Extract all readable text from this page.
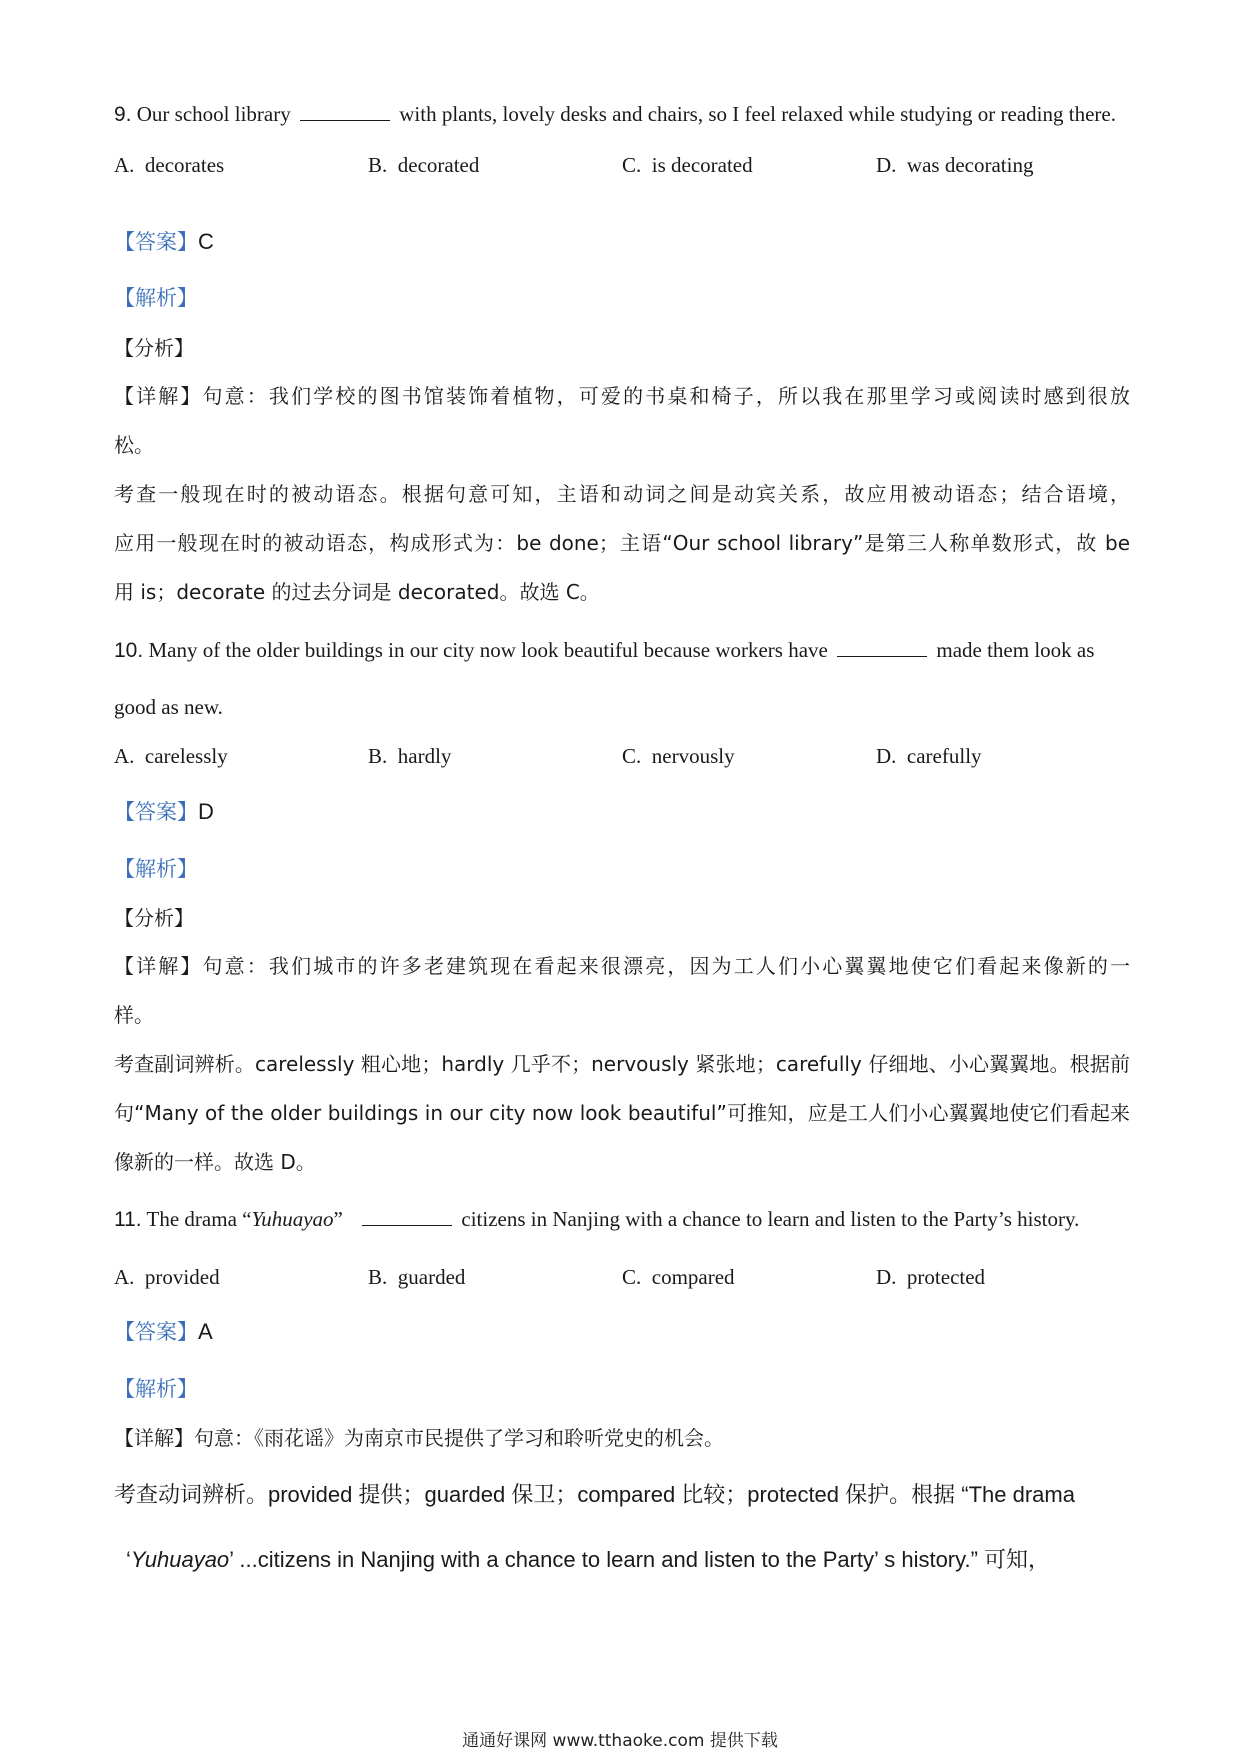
9. Our school library	with plants, lovely desks and chairs, so I feel relaxed while studying or reading there.
A.  decorates	B.  decorated	C.  is decorated	D.  was decorating
【答案】C
【解析】
【分析】
【详解】句意：我们学校的图书馆装饰着植物，可爱的书桌和椅子，所以我在那里学习或阅读时感到很放
松。
考查一般现在时的被动语态。根据句意可知，主语和动词之间是动宾关系，故应用被动语态；结合语境，
应用一般现在时的被动语态，构成形式为：be done；主语“Our school library”是第三人称单数形式，故 be
用 is；decorate 的过去分词是 decorated。故选 C。
10. Many of the older buildings in our city now look beautiful because workers have	made them look as
good as new.
A.  carelessly	B.  hardly	C.  nervously	D.  carefully
【答案】D
【解析】
【分析】
【详解】句意：我们城市的许多老建筑现在看起来很漂亮，因为工人们小心翼翼地使它们看起来像新的一
样。
考查副词辨析。carelessly 粗心地；hardly 几乎不；nervously 紧张地；carefully 仔细地、小心翼翼地。根据前
句“Many of the older buildings in our city now look beautiful”可推知，应是工人们小心翼翼地使它们看起来
像新的一样。故选 D。
11. The drama “Yuhuayao”	citizens in Nanjing with a chance to learn and listen to the Party’s history.
A.  provided	B.  guarded	C.  compared	D.  protected
【答案】A
【解析】
【详解】句意：《雨花谣》为南京市民提供了学习和聆听党史的机会。
考查动词辨析。provided 提供；guarded 保卫；compared 比较；protected 保护。根据 “The drama
‘Yuhuayao’ ...citizens in Nanjing with a chance to learn and listen to the Party’ s history.” 可知，
通通好课网 www.tthaoke.com 提供下载
